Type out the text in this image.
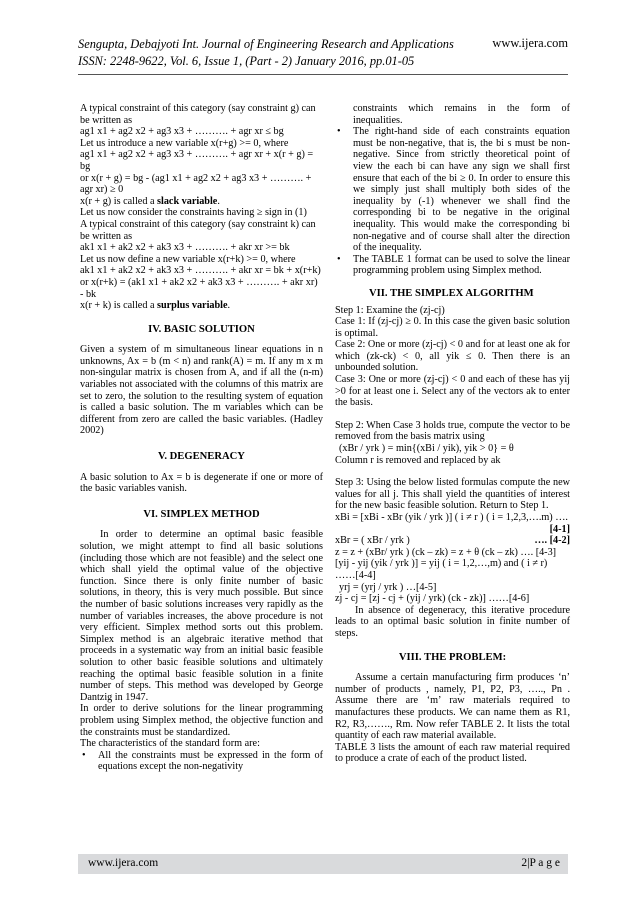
Sengupta, Debajyoti Int. Journal of Engineering Research and Applications
ISSN: 2248-9622, Vol. 6, Issue 1, (Part - 2) January 2016, pp.01-05
www.ijera.com

A typical constraint of this category (say constraint g) can be written as

ag1 x1 + ag2 x2 + ag3 x3 + ………. + agr xr ≤ bg

Let us introduce a new variable x(r+g) >= 0, where

ag1 x1 + ag2 x2 + ag3 x3 + ………. + agr xr + x(r + g) = bg

or x(r + g) = bg - (ag1 x1 + ag2 x2 + ag3 x3 + ………. + agr xr) ≥ 0

x(r + g) is called a slack variable.

Let us now consider the constraints having ≥ sign in (1)

A typical constraint of this category (say constraint k) can be written as

ak1 x1 + ak2 x2 + ak3 x3 + ………. + akr xr >= bk

Let us now define a new variable x(r+k) >= 0, where

ak1 x1 + ak2 x2 + ak3 x3 + ………. + akr xr = bk + x(r+k)

or x(r+k) = (ak1 x1 + ak2 x2 + ak3 x3 + ………. + akr xr) - bk

x(r + k) is called a surplus variable.

IV. BASIC SOLUTION

Given a system of m simultaneous linear equations in n unknowns, Ax = b (m < n) and rank(A) = m. If any m x m non-singular matrix is chosen from A, and if all the (n-m) variables not associated with the columns of this matrix are set to zero, the solution to the resulting system of equation is called a basic solution. The m variables which can be different from zero are called the basic variables. (Hadley 2002)

V. DEGENERACY

A basic solution to Ax = b is degenerate if one or more of the basic variables vanish.

VI. SIMPLEX METHOD

In order to determine an optimal basic feasible solution, we might attempt to find all basic solutions (including those which are not feasible) and the select one which shall yield the optimal value of the objective function. Since there is only finite number of basic solutions, in theory, this is very much possible. But since the number of basic solutions increases very rapidly as the number of variables increases, the above procedure is not very efficient. Simplex method sorts out this problem. Simplex method is an algebraic iterative method that proceeds in a systematic way from an initial basic feasible solution to other basic feasible solutions and ultimately reaching the optimal basic feasible solution in a finite number of steps. This method was developed by George Dantzig in 1947.

In order to derive solutions for the linear programming problem using Simplex method, the objective function and the constraints must be standardized.

The characteristics of the standard form are:

• All the constraints must be expressed in the form of equations except the non-negativity

constraints which remains in the form of inequalities.

• The right-hand side of each constraints equation must be non-negative, that is, the bi s must be non-negative. Since from strictly theoretical point of view the each bi can have any sign we shall first ensure that each of the bi ≥ 0. In order to ensure this we simply just shall multiply both sides of the inequality by (-1) whenever we shall find the corresponding bi to be negative in the original inequality. This would make the corresponding bi non-negative and of course shall alter the direction of the inequality.

• The TABLE 1 format can be used to solve the linear programming problem using Simplex method.

VII. THE SIMPLEX ALGORITHM

Step 1: Examine the (zj-cj)

Case 1: If (zj-cj) ≥ 0. In this case the given basic solution is optimal.

Case 2: One or more (zj-cj) < 0 and for at least one ak for which (zk-ck) < 0, all yik ≤ 0. Then there is an unbounded solution.

Case 3: One or more (zj-cj) < 0 and each of these has yij >0 for at least one i. Select any of the vectors ak to enter the basis.

Step 2: When Case 3 holds true, compute the vector to be removed from the basis matrix using

(xBr / yrk ) = min{(xBi / yik), yik > 0} = θ

Column r is removed and replaced by ak

Step 3: Using the below listed formulas compute the new values for all j. This shall yield the quantities of interest for the new basic feasible solution. Return to Step 1.

xBi = [xBi - xBr (yik / yrk )] ( i ≠ r ) ( i = 1,2,3,….m) ….

[4-1]

xBr = ( xBr / yrk )	…. [4-2]

z = z + (xBr/ yrk ) (ck – zk) = z + θ (ck – zk) …. [4-3]

[yij - yij (yik / yrk )] = yij ( i = 1,2,…,m) and ( i ≠ r) ……[4-4]

yrj = (yrj / yrk ) …[4-5]

zj - cj = [zj - cj + (yij / yrk) (ck - zk)] ……[4-6]

In absence of degeneracy, this iterative procedure leads to an optimal basic solution in finite number of steps.

VIII. THE PROBLEM:

Assume a certain manufacturing firm produces ‘n’ number of products , namely, P1, P2, P3, ….., Pn . Assume there are ‘m’ raw materials required to manufactures these products. We can name them as R1, R2, R3,……., Rm. Now refer TABLE 2. It lists the total quantity of each raw material available.

TABLE 3 lists the amount of each raw material required to produce a crate of each of the product listed.

www.ijera.com	2|P a g e
